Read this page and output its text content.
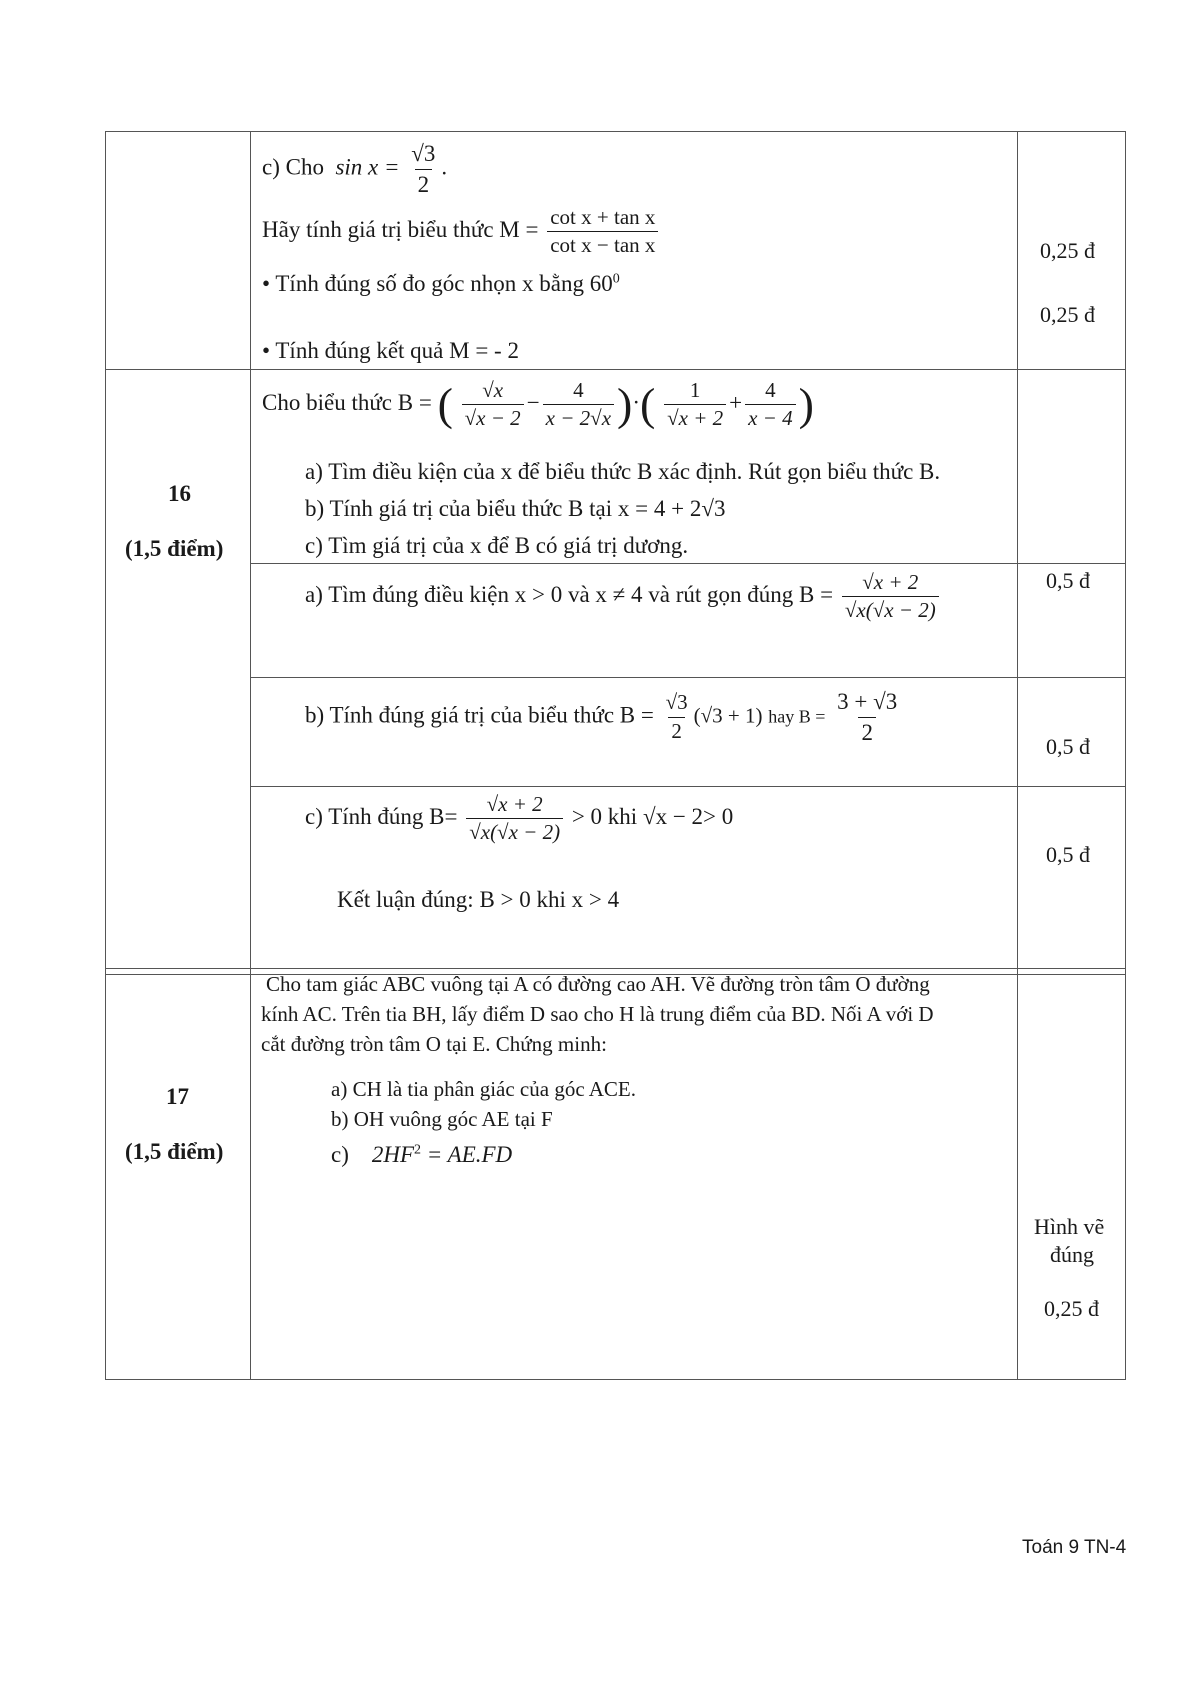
c) Cho $\sin x = \frac{√3}{2}$ .
Hãy tính giá trị biểu thức $M = \frac{\text{cot x + tan x}}{\text{cot x − tan x}}$
• Tính đúng số đo góc nhọn x bằng $60^0$
• Tính đúng kết quả M = - 2
0,25 đ
0,25 đ
16
(1,5 điểm)
Cho biểu thức B = ( $\frac{√x}{√x - 2} - \frac{4}{x - 2√x}$ )·( $\frac{1}{√x + 2} + \frac{4}{x - 4}$ )
a) Tìm điều kiện của x để biểu thức B xác định. Rút gọn biểu thức B.
b) Tính giá trị của biểu thức B tại x = 4 + 2√3
c) Tìm giá trị của x để B có giá trị dương.
a) Tìm đúng điều kiện x > 0 và x ≠ 4 và rút gọn đúng $B = \frac{√x + 2}{√x(√x - 2)}$	0,5 đ
b) Tính đúng giá trị của biểu thức $B = \frac{√3}{2} (√3 + 1)$ hay $B = \frac{3 + √3}{2}$
0,5 đ
c) Tính đúng $B= \frac{√x + 2}{√x(√x - 2)} > 0$ khi √x − 2> 0
Kết luận đúng: B > 0 khi x > 4
0,5 đ
17
(1,5 điểm)
Cho tam giác ABC vuông tại A có đường cao AH. Vẽ đường tròn tâm O đường
kính AC. Trên tia BH, lấy điểm D sao cho H là trung điểm của BD. Nối A với D
cắt đường tròn tâm O tại E. Chứng minh:
a) CH là tia phân giác của góc ACE.
b) OH vuông góc AE tại F
c) $2HF^2 = AE.FD$
Hình vẽ
đúng
0,25 đ
Toán 9 TN-4
